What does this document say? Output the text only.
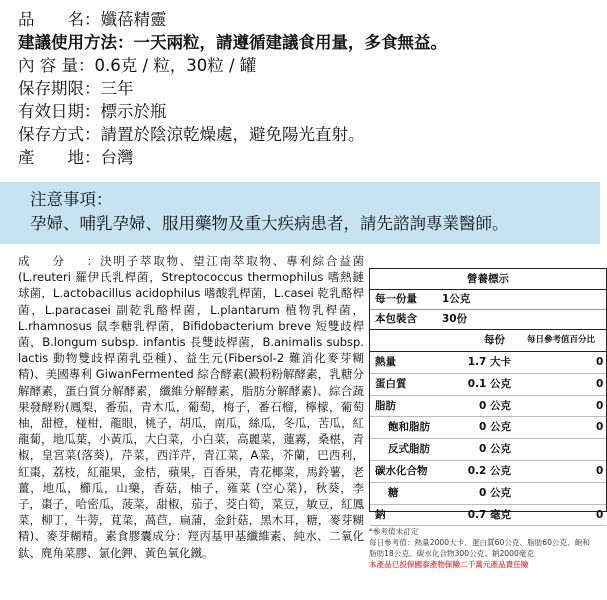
品　　名：孅蓓精靈
建議使用方法：一天兩粒，請遵循建議食用量，多食無益。
內 容 量：0.6克 / 粒，30粒 / 罐
保存期限：三年
有效日期：標示於瓶
保存方式：請置於陰涼乾燥處，避免陽光直射。
產　　地：台灣
注意事項：
孕婦、哺乳孕婦、服用藥物及重大疾病患者，請先諮詢專業醫師。
成　　分 ：決明子萃取物、望江南萃取物、專利綜合益菌(L.reuteri 羅伊氏乳桿菌，Streptococcus thermophilus 嗜熱鏈球菌，L.actobacillus acidophilus 嗜酸乳桿菌，L.casei 乾乳酪桿菌，L.paracasei 副乾乳酪桿菌，L.plantarum 植物乳桿菌，L.rhamnosus 鼠李糖乳桿菌，Bifidobacterium breve 短雙歧桿菌，B.longum subsp. infantis 長雙歧桿菌，B.animalis subsp. lactis 動物雙歧桿菌乳亞種)、益生元(Fibersol-2 難消化麥芽糊精)、美國專利 GiwanFermented 綜合酵素(澱粉粉解酵素，乳糖分解酵素，蛋白質分解酵素，纖維分解酵素，脂肪分解酵素)、綜合蔬果發酵粉(鳳梨，番茄，青木瓜，葡萄，梅子，番石榴，檸檬，葡萄柚，甜橙，椪柑，龍眼，桃子，胡瓜，南瓜，絲瓜，冬瓜，苦瓜，紅龍蔔，地瓜葉，小黃瓜，大白菜，小白菜，高麗菜，蓮霧，桑椹，青椒，皇宮菜(落葵)，芹菜，西洋芹，青江菜，A菜，芥蘭，巴西利，紅棗，荔枝，紅龍果，金桔，蘋果，百香果，青花椰菜，馬鈴薯，老薑，地瓜，櫛瓜，山藥，香菇，柚子，雍菜 (空心菜)，秋葵，李子，棗子，哈密瓜，菠菜，甜椒，茄子，茭白筍，菜豆，敏豆，紅鳳菜，柳丁，牛蒡，莧菜，萵苣，扁蒲，金針菇，黑木耳，糖，麥芽糊精)、麥芽糊精。素食膠囊成分：羥丙基甲基纖維素、純水、二氧化鈦、麂角菜膠、氯化鉀、黃色氧化鐵。
營養標示
每一份量 1公克
本包裝含 30份
每份	每日參考值百分比
熱量	1.7 大卡	0
蛋白質	0.1 公克	0
脂肪	0 公克	0
飽和脂肪	0 公克	0
反式脂肪	0 公克
碳水化合物	0.2 公克	0
糖	0 公克
鈉	0.7 毫克	0
*參考值未訂定
每日參考值：熱量2000大卡、蛋白質60公克、脂肪60公克、飽和脂肪18公克、碳水化合物300公克、鈉2000毫克
本產品已投保國泰產物保險二千萬元產品責任險
